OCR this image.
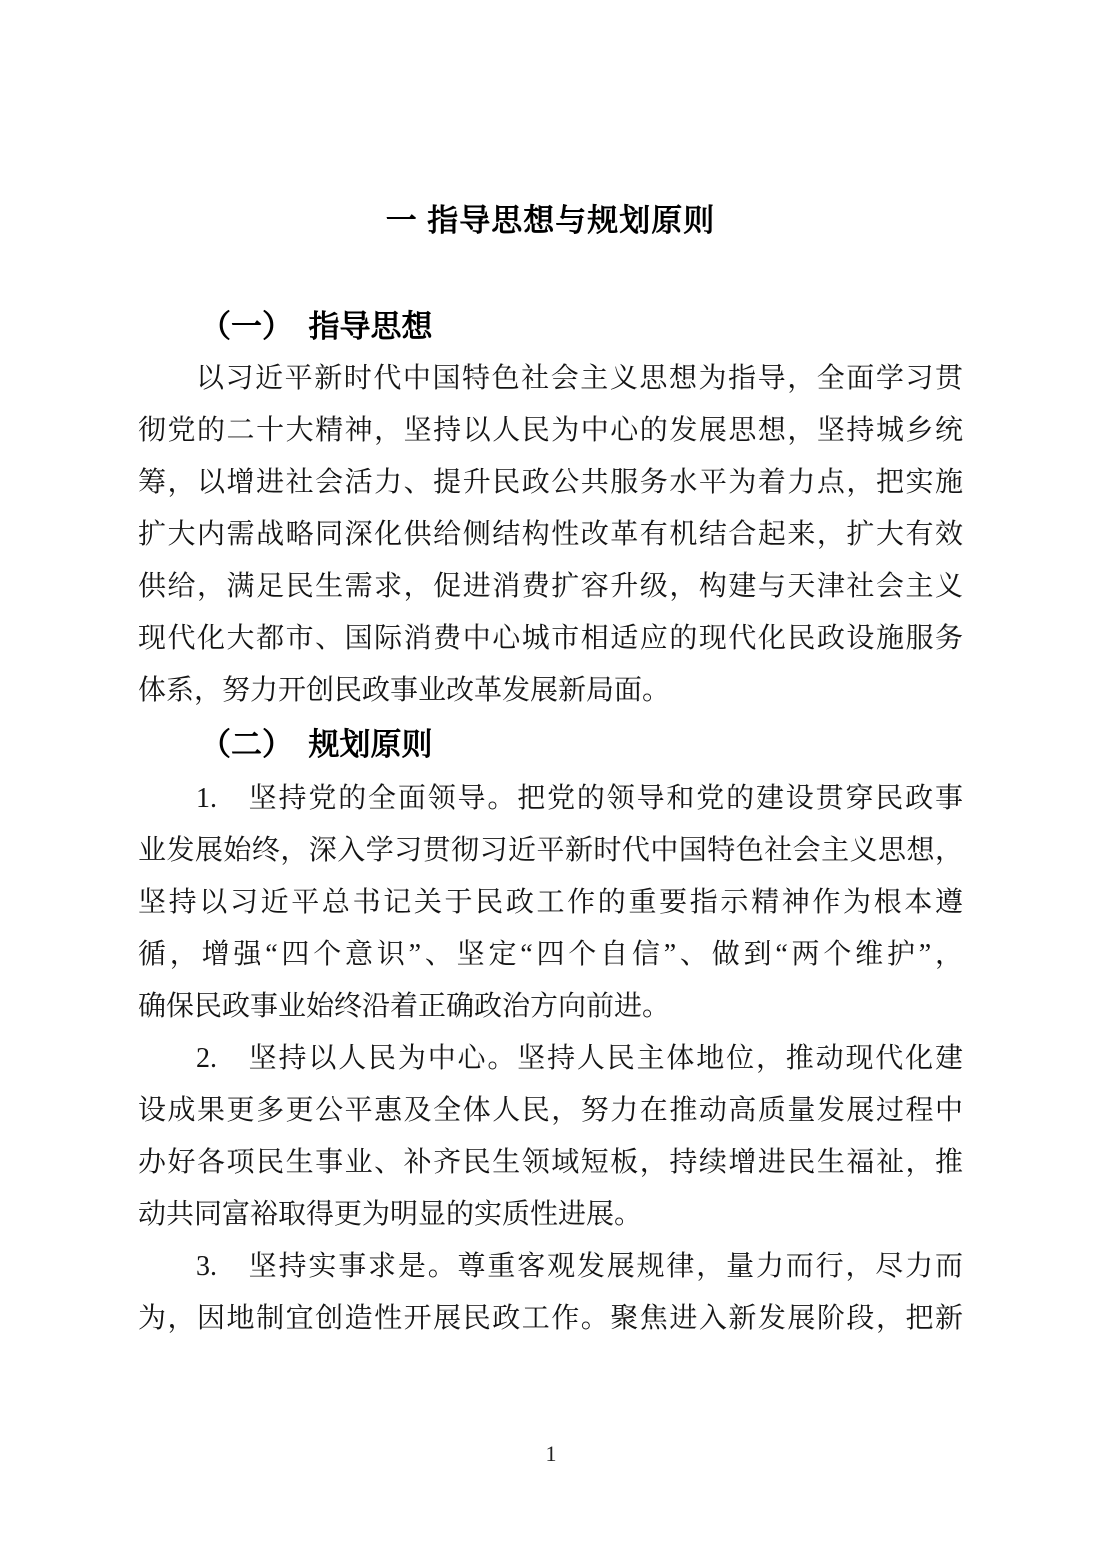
一 指导思想与规划原则
（一）　指导思想
以习近平新时代中国特色社会主义思想为指导，全面学习贯
彻党的二十大精神，坚持以人民为中心的发展思想，坚持城乡统
筹，以增进社会活力、提升民政公共服务水平为着力点，把实施
扩大内需战略同深化供给侧结构性改革有机结合起来，扩大有效
供给，满足民生需求，促进消费扩容升级，构建与天津社会主义
现代化大都市、国际消费中心城市相适应的现代化民政设施服务
体系，努力开创民政事业改革发展新局面。
（二）　规划原则
1.　坚持党的全面领导。把党的领导和党的建设贯穿民政事
业发展始终，深入学习贯彻习近平新时代中国特色社会主义思想，
坚持以习近平总书记关于民政工作的重要指示精神作为根本遵
循，增强“四个意识”、坚定“四个自信”、做到“两个维护”，
确保民政事业始终沿着正确政治方向前进。
2.　坚持以人民为中心。坚持人民主体地位，推动现代化建
设成果更多更公平惠及全体人民，努力在推动高质量发展过程中
办好各项民生事业、补齐民生领域短板，持续增进民生福祉，推
动共同富裕取得更为明显的实质性进展。
3.　坚持实事求是。尊重客观发展规律，量力而行，尽力而
为，因地制宜创造性开展民政工作。聚焦进入新发展阶段，把新
1
